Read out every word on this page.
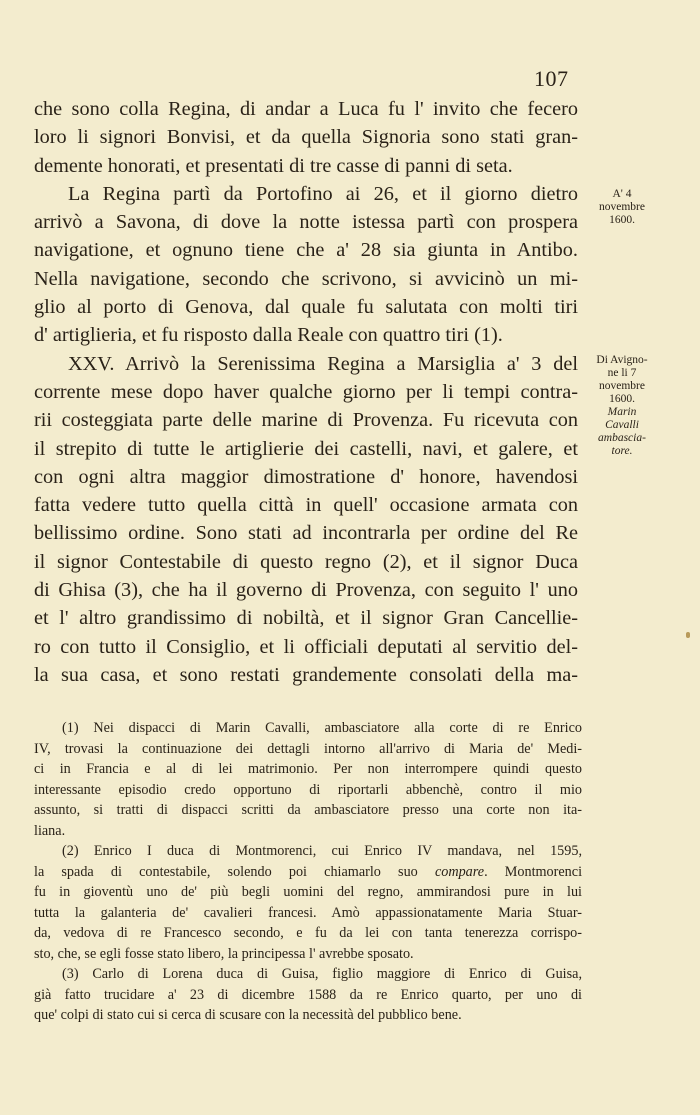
107
che sono colla Regina, di andar a Luca fu l' invito che fecero
loro li signori Bonvisi, et da quella Signoria sono stati gran-
demente honorati, et presentati di tre casse di panni di seta.
La Regina partì da Portofino ai 26, et il giorno dietro
arrivò a Savona, di dove la notte istessa partì con prospera
navigatione, et ognuno tiene che a' 28 sia giunta in Antibo.
Nella navigatione, secondo che scrivono, si avvicinò un mi-
glio al porto di Genova, dal quale fu salutata con molti tiri
d' artiglieria, et fu risposto dalla Reale con quattro tiri (1).
XXV. Arrivò la Serenissima Regina a Marsiglia a' 3 del
corrente mese dopo haver qualche giorno per li tempi contra-
rii costeggiata parte delle marine di Provenza. Fu ricevuta con
il strepito di tutte le artiglierie dei castelli, navi, et galere, et
con ogni altra maggior dimostratione d' honore, havendosi
fatta vedere tutto quella città in quell' occasione armata con
bellissimo ordine. Sono stati ad incontrarla per ordine del Re
il signor Contestabile di questo regno (2), et il signor Duca
di Ghisa (3), che ha il governo di Provenza, con seguito l' uno
et l' altro grandissimo di nobiltà, et il signor Gran Cancellie-
ro con tutto il Consiglio, et li officiali deputati al servitio del-
la sua casa, et sono restati grandemente consolati della ma-
A' 4
novembre
1600.
Di Avigno-
ne li 7
novembre
1600.
Marin
Cavalli
ambascia-
tore.
(1) Nei dispacci di Marin Cavalli, ambasciatore alla corte di re Enrico
IV, trovasi la continuazione dei dettagli intorno all'arrivo di Maria de' Medi-
ci in Francia e al di lei matrimonio. Per non interrompere quindi questo
interessante episodio credo opportuno di riportarli abbenchè, contro il mio
assunto, si tratti di dispacci scritti da ambasciatore presso una corte non ita-
liana.
(2) Enrico I duca di Montmorenci, cui Enrico IV mandava, nel 1595,
la spada di contestabile, solendo poi chiamarlo suo compare. Montmorenci
fu in gioventù uno de' più begli uomini del regno, ammirandosi pure in lui
tutta la galanteria de' cavalieri francesi. Amò appassionatamente Maria Stuar-
da, vedova di re Francesco secondo, e fu da lei con tanta tenerezza corrispo-
sto, che, se egli fosse stato libero, la principessa l' avrebbe sposato.
(3) Carlo di Lorena duca di Guisa, figlio maggiore di Enrico di Guisa,
già fatto trucidare a' 23 di dicembre 1588 da re Enrico quarto, per uno di
que' colpi di stato cui si cerca di scusare con la necessità del pubblico bene.
